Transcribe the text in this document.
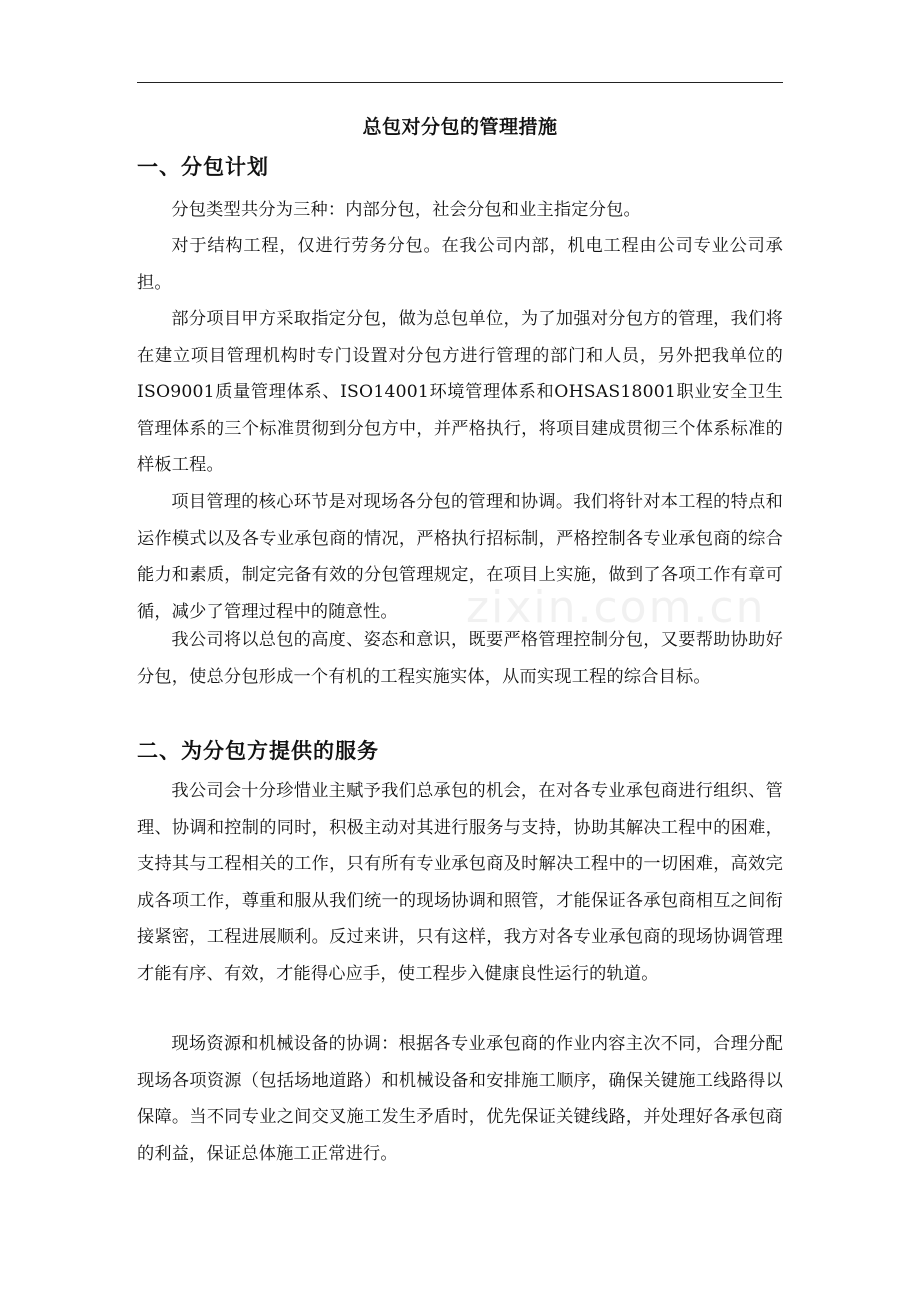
总包对分包的管理措施
一、分包计划

分包类型共分为三种：内部分包，社会分包和业主指定分包。

对于结构工程，仅进行劳务分包。在我公司内部，机电工程由公司专业公司承担。

部分项目甲方采取指定分包，做为总包单位，为了加强对分包方的管理，我们将在建立项目管理机构时专门设置对分包方进行管理的部门和人员，另外把我单位的ISO9001质量管理体系、ISO14001环境管理体系和OHSAS18001职业安全卫生管理体系的三个标准贯彻到分包方中，并严格执行，将项目建成贯彻三个体系标准的样板工程。

项目管理的核心环节是对现场各分包的管理和协调。我们将针对本工程的特点和运作模式以及各专业承包商的情况，严格执行招标制，严格控制各专业承包商的综合能力和素质，制定完备有效的分包管理规定，在项目上实施，做到了各项工作有章可循，减少了管理过程中的随意性。

我公司将以总包的高度、姿态和意识，既要严格管理控制分包，又要帮助协助好分包，使总分包形成一个有机的工程实施实体，从而实现工程的综合目标。

二、为分包方提供的服务

我公司会十分珍惜业主赋予我们总承包的机会，在对各专业承包商进行组织、管理、协调和控制的同时，积极主动对其进行服务与支持，协助其解决工程中的困难，支持其与工程相关的工作，只有所有专业承包商及时解决工程中的一切困难，高效完成各项工作，尊重和服从我们统一的现场协调和照管，才能保证各承包商相互之间衔接紧密，工程进展顺利。反过来讲，只有这样，我方对各专业承包商的现场协调管理才能有序、有效，才能得心应手，使工程步入健康良性运行的轨道。

现场资源和机械设备的协调：根据各专业承包商的作业内容主次不同，合理分配现场各项资源（包括场地道路）和机械设备和安排施工顺序，确保关键施工线路得以保障。当不同专业之间交叉施工发生矛盾时，优先保证关键线路，并处理好各承包商的利益，保证总体施工正常进行。

zixin.com.cn
